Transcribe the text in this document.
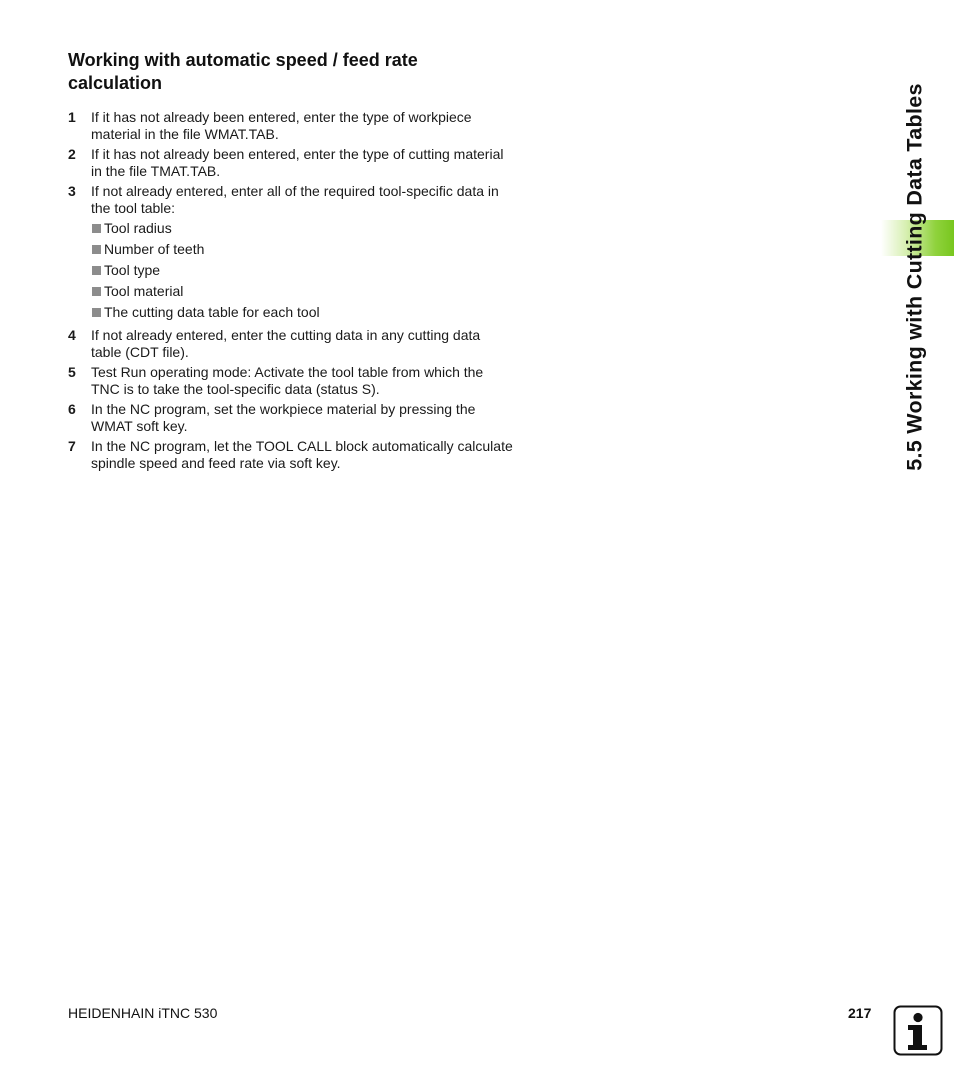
Working with automatic speed / feed rate calculation
1 If it has not already been entered, enter the type of workpiece material in the file WMAT.TAB.
2 If it has not already been entered, enter the type of cutting material in the file TMAT.TAB.
3 If not already entered, enter all of the required tool-specific data in the tool table:
Tool radius
Number of teeth
Tool type
Tool material
The cutting data table for each tool
4 If not already entered, enter the cutting data in any cutting data table (CDT file).
5 Test Run operating mode: Activate the tool table from which the TNC is to take the tool-specific data (status S).
6 In the NC program, set the workpiece material by pressing the WMAT soft key.
7 In the NC program, let the TOOL CALL block automatically calculate spindle speed and feed rate via soft key.	5.5 Working with Cutting Data Tables
HEIDENHAIN iTNC 530	217
